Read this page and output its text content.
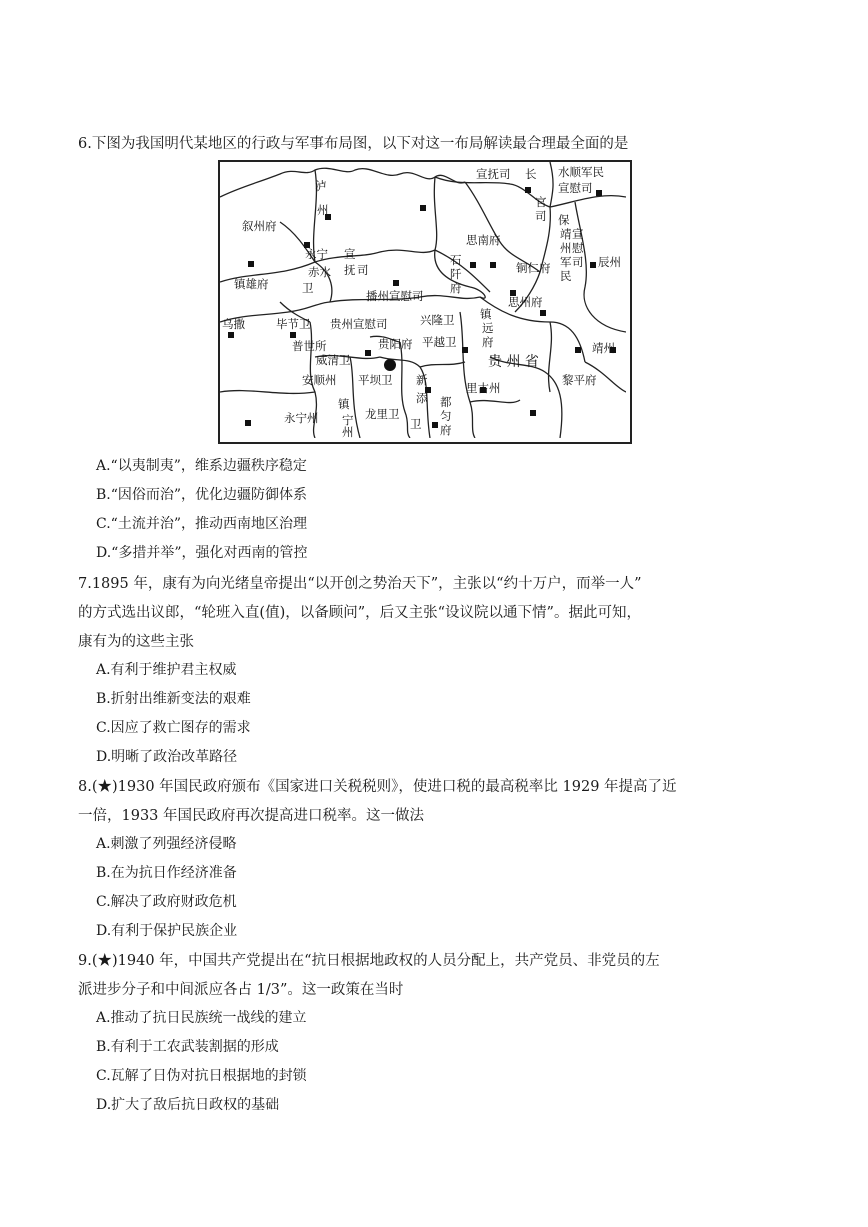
6.下图为我国明代某地区的行政与军事布局图，以下对这一布局解读最合理最全面的是
宣抚司	水顺军民
宣慰司
长
官
司
泸
州
叙州府
永宁 宣
赤水
卫
抚 司
镇雄府
播州宣慰司
思南府
石
阡
府
铜仁府
保
靖
州
军
民
宣
慰
司 辰州
思州府
乌撒	毕节卫 贵州宣慰司	兴隆卫 镇
远
府
普世所
威清卫
贵阳府 平越卫
贵 州 省
靖州
安顺州 平坝卫 新
添
里古州
黎平府
镇
龙里卫
都
匀
府
卫
永宁州 宁
州
A.“以夷制夷”，维系边疆秩序稳定
B.“因俗而治”，优化边疆防御体系
C.“土流并治”，推动西南地区治理
D.“多措并举”，强化对西南的管控
7.1895 年，康有为向光绪皇帝提出“以开创之势治天下”，主张以“约十万户，而举一人”
的方式选出议郎，“轮班入直(值)，以备顾问”，后又主张“设议院以通下情”。据此可知，
康有为的这些主张
A.有利于维护君主权威
B.折射出维新变法的艰难
C.因应了救亡图存的需求
D.明晰了政治改革路径
8.(★)1930 年国民政府颁布《国家进口关税税则》，使进口税的最高税率比 1929 年提高了近
一倍，1933 年国民政府再次提高进口税率。这一做法
A.刺激了列强经济侵略
B.在为抗日作经济准备
C.解决了政府财政危机
D.有利于保护民族企业
9.(★)1940 年，中国共产党提出在“抗日根据地政权的人员分配上，共产党员、非党员的左
派进步分子和中间派应各占 1/3”。这一政策在当时
A.推动了抗日民族统一战线的建立
B.有利于工农武装割据的形成
C.瓦解了日伪对抗日根据地的封锁
D.扩大了敌后抗日政权的基础
